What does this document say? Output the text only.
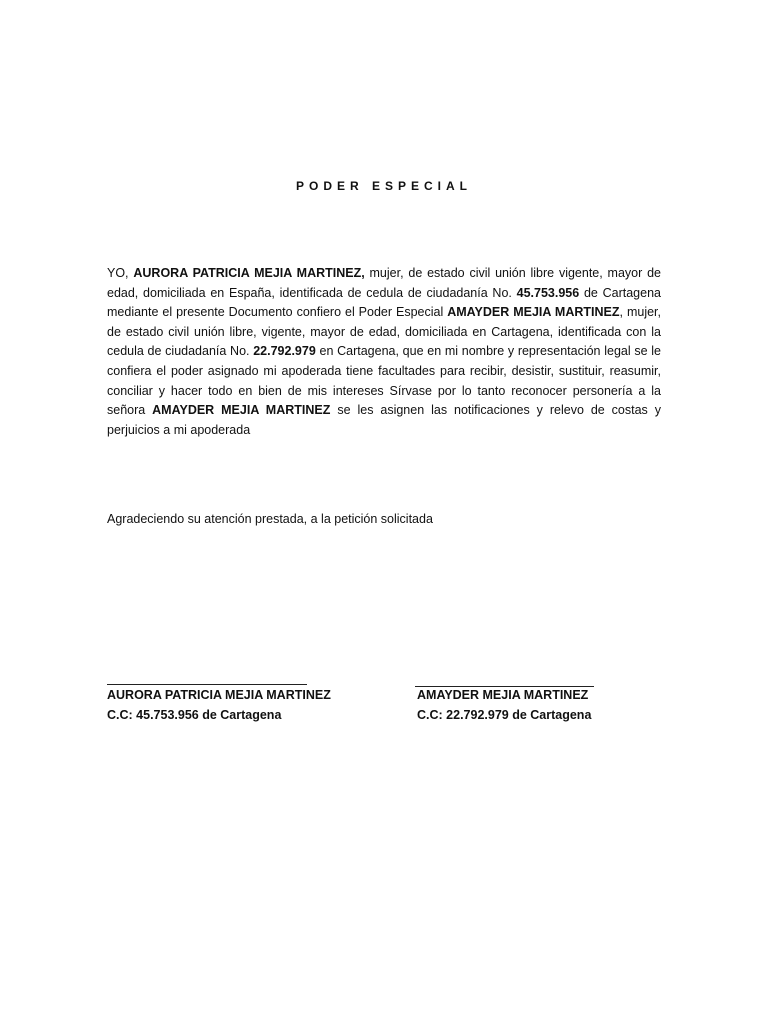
PODER ESPECIAL
YO, AURORA PATRICIA MEJIA MARTINEZ, mujer, de estado civil unión libre vigente, mayor de edad, domiciliada en España, identificada de cedula de ciudadanía No. 45.753.956 de Cartagena mediante el presente Documento confiero el Poder Especial AMAYDER MEJIA MARTINEZ, mujer, de estado civil unión libre, vigente, mayor de edad, domiciliada en Cartagena, identificada con la cedula de ciudadanía No. 22.792.979 en Cartagena, que en mi nombre y representación legal se le confiera el poder asignado mi apoderada tiene facultades para recibir, desistir, sustituir, reasumir, conciliar y hacer todo en bien de mis intereses Sírvase por lo tanto reconocer personería a la señora AMAYDER MEJIA MARTINEZ se les asignen las notificaciones y relevo de costas y perjuicios a mi apoderada
Agradeciendo su atención prestada, a la petición solicitada
AURORA PATRICIA MEJIA MARTINEZ
C.C: 45.753.956 de Cartagena
AMAYDER MEJIA MARTINEZ
C.C: 22.792.979 de Cartagena
